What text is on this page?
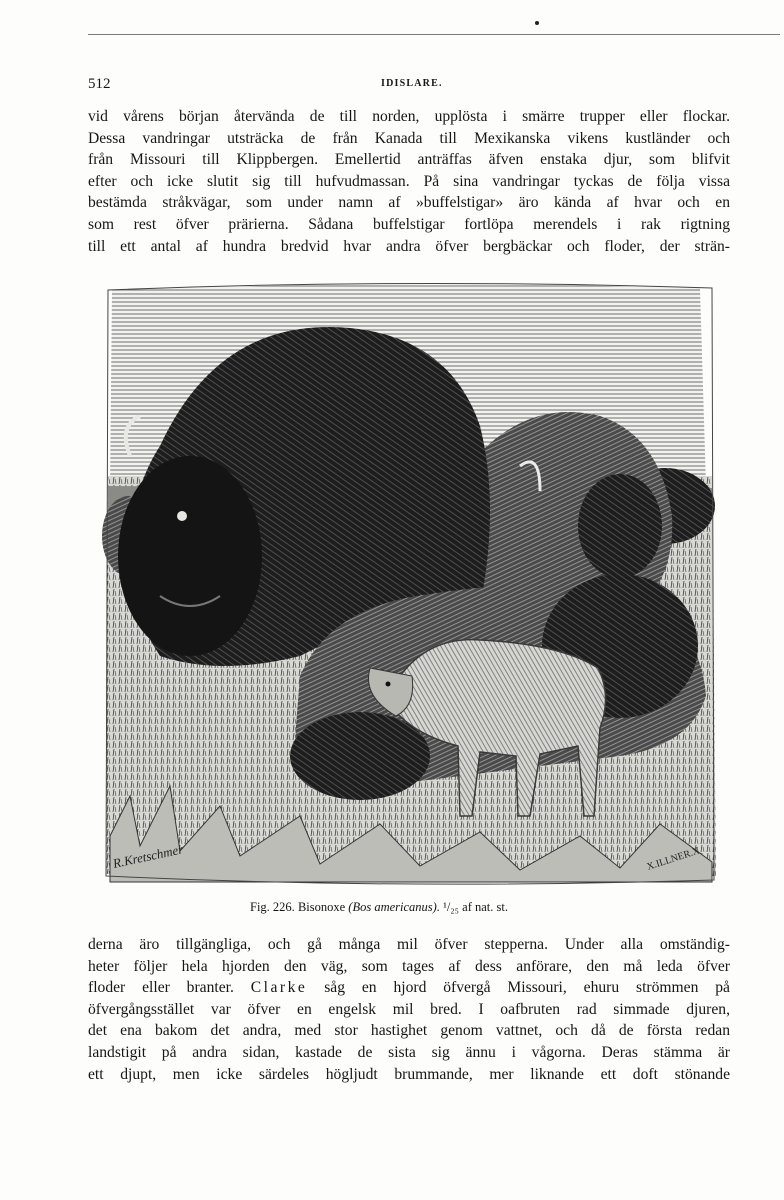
512	IDISLARE.
vid vårens början återvända de till norden, upplösta i smärre trupper eller flockar.
Dessa vandringar utsträcka de från Kanada till Mexikanska vikens kustländer och
från Missouri till Klippbergen. Emellertid anträffas äfven enstaka djur, som blifvit
efter och icke slutit sig till hufvudmassan. På sina vandringar tyckas de följa vissa
bestämda stråkvägar, som under namn af »buffelstigar» äro kända af hvar och en
som rest öfver prärierna. Sådana buffelstigar fortlöpa merendels i rak rigtning
till ett antal af hundra bredvid hvar andra öfver bergbäckar och floder, der strän-
R.Kretschmer	X.ILLNER.X
Fig. 226. Bisonoxe (Bos americanus). ¹/₂₅ af nat. st.
derna äro tillgängliga, och gå många mil öfver stepperna. Under alla omständig-
heter följer hela hjorden den väg, som tages af dess anförare, den må leda öfver
floder eller branter. Clarke såg en hjord öfvergå Missouri, ehuru strömmen på
öfvergångsstället var öfver en engelsk mil bred. I oafbruten rad simmade djuren,
det ena bakom det andra, med stor hastighet genom vattnet, och då de första redan
landstigit på andra sidan, kastade de sista sig ännu i vågorna. Deras stämma är
ett djupt, men icke särdeles högljudt brummande, mer liknande ett doft stönande
